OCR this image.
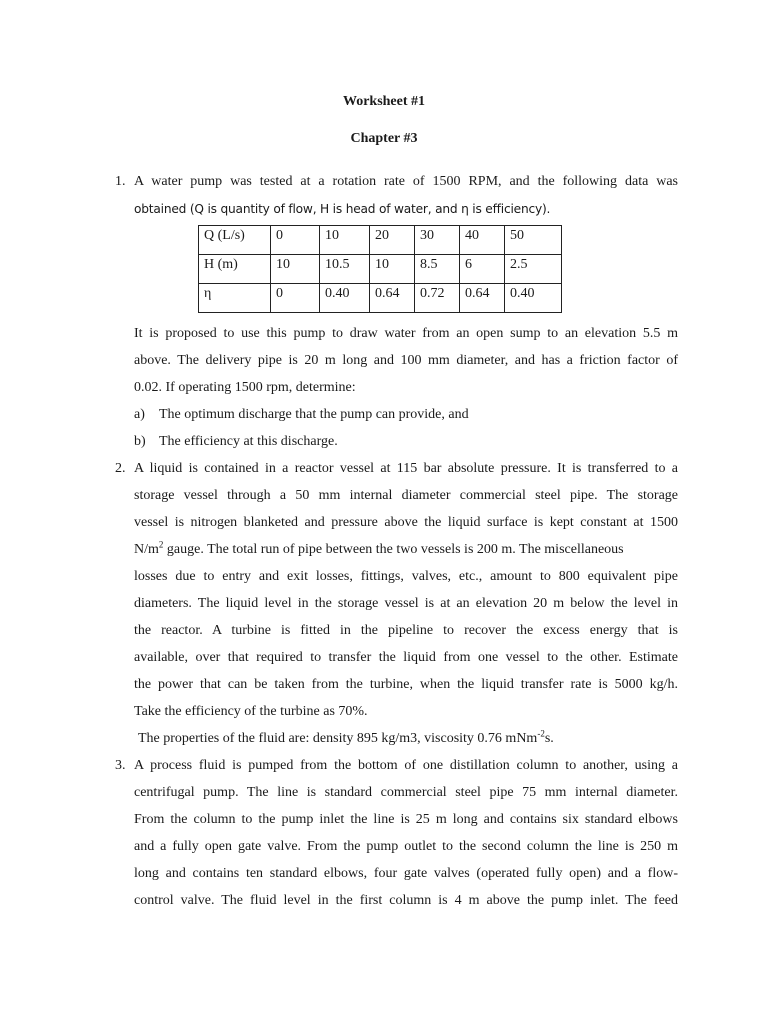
Worksheet #1
Chapter #3
1. A water pump was tested at a rotation rate of 1500 RPM, and the following data was
obtained (Q is quantity of flow, H is head of water, and η is efficiency).
Q (L/s)	0	10	20	30	40	50
H (m)	10	10.5	10	8.5	6	2.5
η	0	0.40	0.64	0.72	0.64	0.40
It is proposed to use this pump to draw water from an open sump to an elevation 5.5 m
above. The delivery pipe is 20 m long and 100 mm diameter, and has a friction factor of
0.02. If operating 1500 rpm, determine:
a) The optimum discharge that the pump can provide, and
b) The efficiency at this discharge.
2. A liquid is contained in a reactor vessel at 115 bar absolute pressure. It is transferred to a
storage vessel through a 50 mm internal diameter commercial steel pipe. The storage
vessel is nitrogen blanketed and pressure above the liquid surface is kept constant at 1500
$N/m^2$ gauge. The total run of pipe between the two vessels is 200 m. The miscellaneous
losses due to entry and exit losses, fittings, valves, etc., amount to 800 equivalent pipe
diameters. The liquid level in the storage vessel is at an elevation 20 m below the level in
the reactor. A turbine is fitted in the pipeline to recover the excess energy that is
available, over that required to transfer the liquid from one vessel to the other. Estimate
the power that can be taken from the turbine, when the liquid transfer rate is 5000 kg/h.
Take the efficiency of the turbine as 70%.
The properties of the fluid are: density 895 kg/m3, viscosity 0.76 mNm$^{-2}$s.
3. A process fluid is pumped from the bottom of one distillation column to another, using a
centrifugal pump. The line is standard commercial steel pipe 75 mm internal diameter.
From the column to the pump inlet the line is 25 m long and contains six standard elbows
and a fully open gate valve. From the pump outlet to the second column the line is 250 m
long and contains ten standard elbows, four gate valves (operated fully open) and a flow-
control valve. The fluid level in the first column is 4 m above the pump inlet. The feed
